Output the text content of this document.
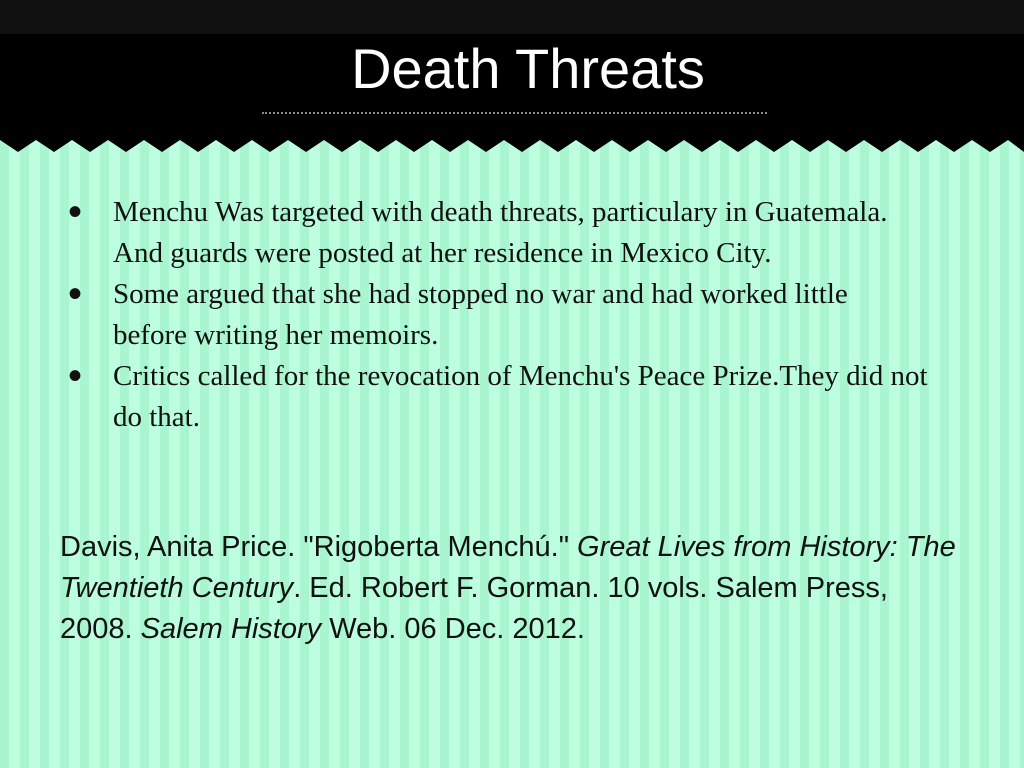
Death Threats
• Menchu Was targeted with death threats, particulary in Guatemala. And guards were posted at her residence in Mexico City.
• Some argued that she had stopped no war and had worked little before writing her memoirs.
• Critics called for the revocation of Menchu's Peace Prize.They did not do that.

Davis, Anita Price. "Rigoberta Menchú." Great Lives from History: The Twentieth Century. Ed. Robert F. Gorman. 10 vols. Salem Press, 2008. Salem History Web. 06 Dec. 2012.
